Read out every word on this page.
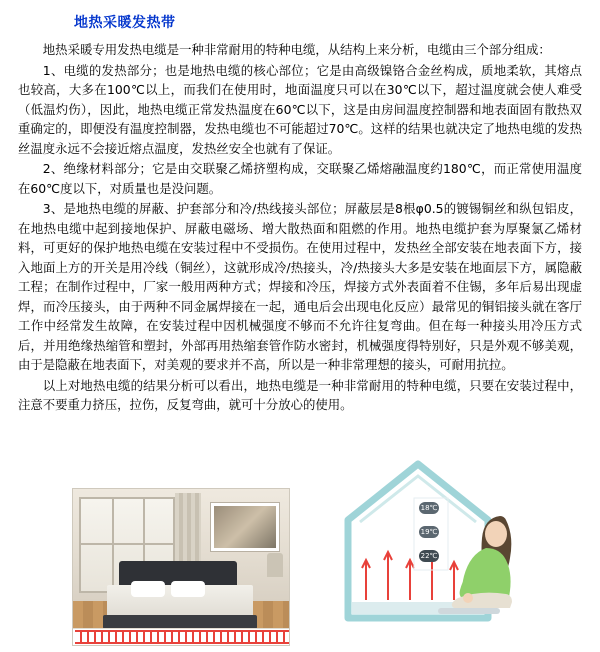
地热采暖发热带

地热采暖专用发热电缆是一种非常耐用的特种电缆，从结构上来分析，电缆由三个部分组成：

1、电缆的发热部分；也是地热电缆的核心部位；它是由高级镍铬合金丝构成，质地柔软，其熔点也较高，大多在100℃以上，而我们在使用时，地面温度只可以在30℃以下，超过温度就会使人难受（低温灼伤），因此，地热电缆正常发热温度在60℃以下，这是由房间温度控制器和地表面固有散热双重确定的，即便没有温度控制器，发热电缆也不可能超过70℃。这样的结果也就决定了地热电缆的发热丝温度永远不会接近熔点温度，发热丝安全也就有了保证。

2、绝缘材料部分；它是由交联聚乙烯挤塑构成，交联聚乙烯熔融温度约180℃，而正常使用温度在60℃度以下，对质量也是没问题。

3、是地热电缆的屏蔽、护套部分和冷/热线接头部位；屏蔽层是8根φ0.5的镀锡铜丝和纵包铝皮，在地热电缆中起到接地保护、屏蔽电磁场、增大散热面和阻燃的作用。地热电缆护套为厚聚氯乙烯材料，可更好的保护地热电缆在安装过程中不受损伤。在使用过程中，发热丝全部安装在地表面下方，接入地面上方的开关是用冷线（铜丝），这就形成冷/热接头，冷/热接头大多是安装在地面层下方，属隐蔽工程；在制作过程中，厂家一般用两种方式；焊接和冷压，焊接方式外表面着不住锡，多年后易出现虚焊，而冷压接头，由于两种不同金属焊接在一起，通电后会出现电化反应）最常见的铜铝接头就在客厅工作中经常发生故障，在安装过程中因机械强度不够而不允许往复弯曲。但在每一种接头用冷压方式后，并用绝缘热缩管和塑封，外部再用热缩套管作防水密封，机械强度得特别好，只是外观不够美观，由于是隐蔽在地表面下，对美观的要求并不高，所以是一种非常理想的接头，可耐用抗拉。

以上对地热电缆的结果分析可以看出，地热电缆是一种非常耐用的特种电缆，只要在安装过程中，注意不要重力挤压，拉伤，反复弯曲，就可十分放心的使用。

18℃
19℃
22℃
